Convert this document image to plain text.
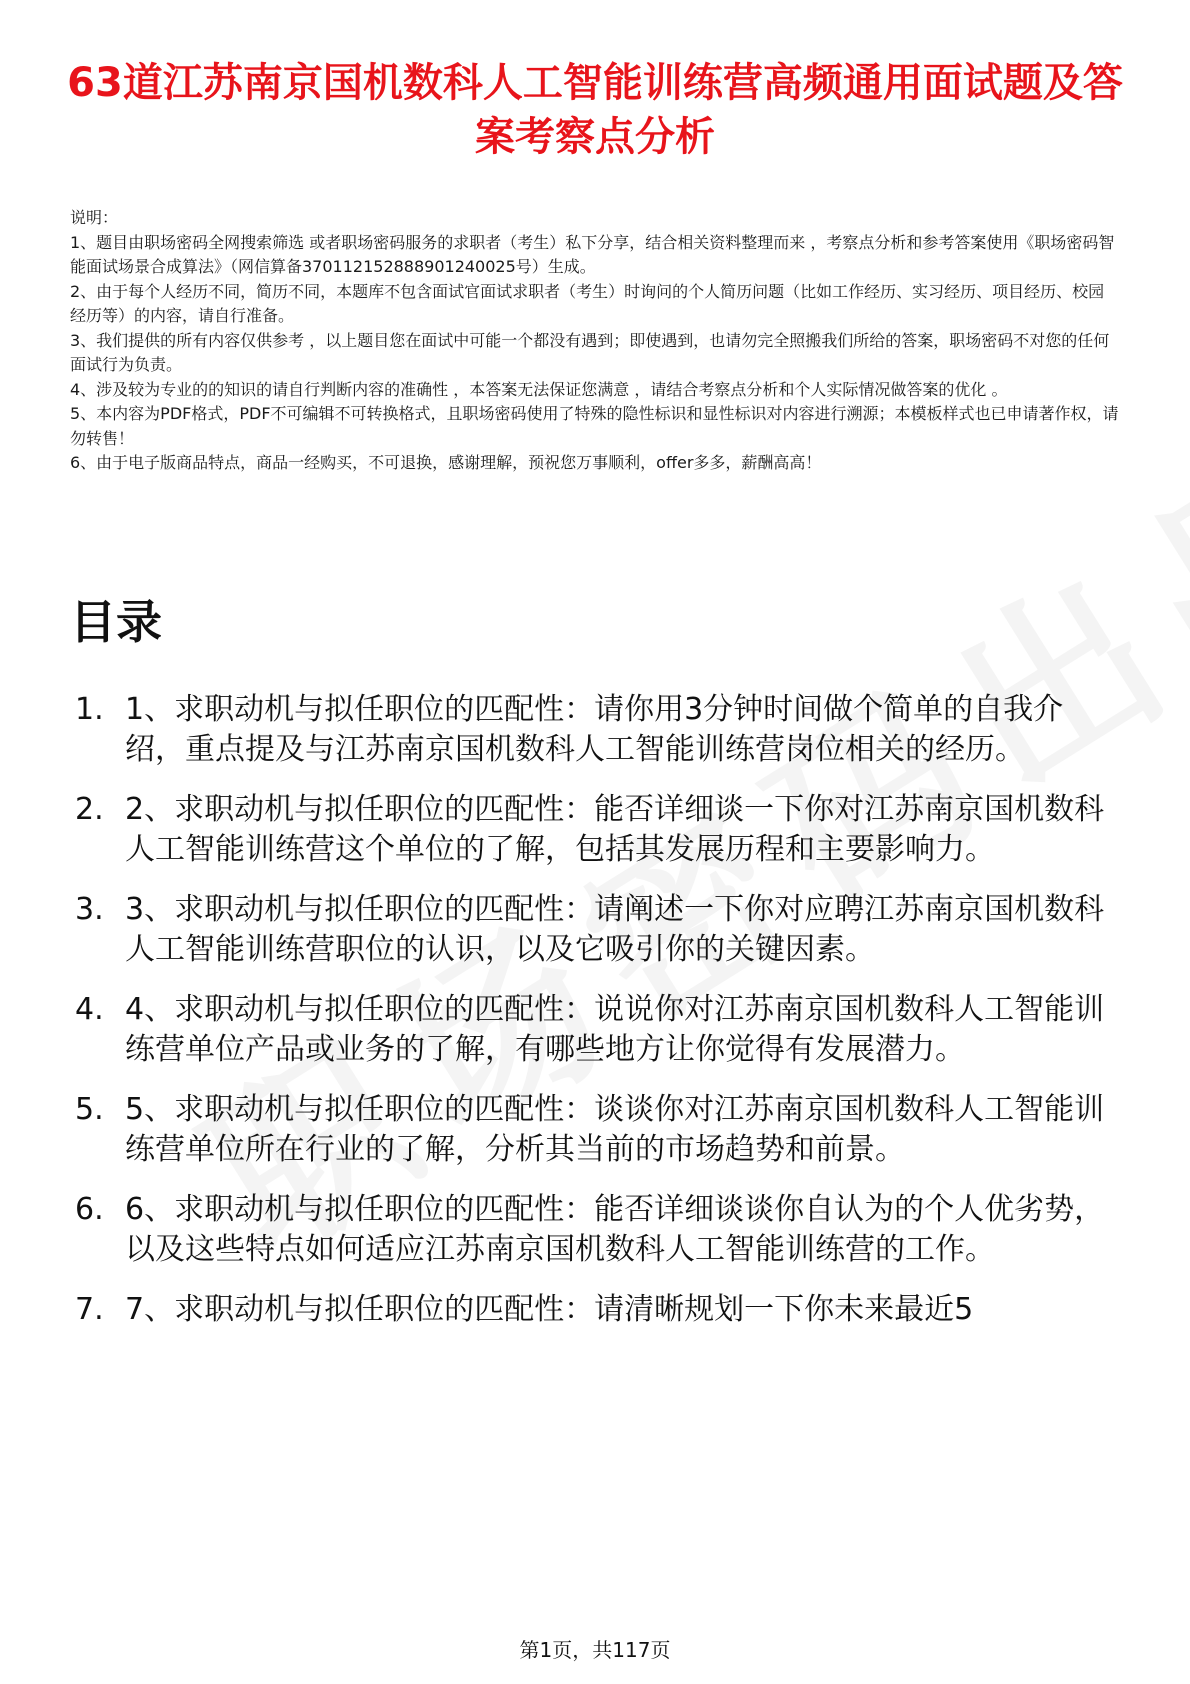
63道江苏南京国机数科人工智能训练营高频通用面试题及答案考察点分析

说明：

1、题目由职场密码全网搜索筛选 或者职场密码服务的求职者（考生）私下分享，结合相关资料整理而来 ，考察点分析和参考答案使用《职场密码智能面试场景合成算法》（网信算备370112152888901240025号）生成。

2、由于每个人经历不同，简历不同，本题库不包含面试官面试求职者（考生）时询问的个人简历问题（比如工作经历、实习经历、项目经历、校园经历等）的内容，请自行准备。

3、我们提供的所有内容仅供参考 ，以上题目您在面试中可能一个都没有遇到；即使遇到，也请勿完全照搬我们所给的答案，职场密码不对您的任何面试行为负责。

4、涉及较为专业的的知识的请自行判断内容的准确性 ，本答案无法保证您满意 ，请结合考察点分析和个人实际情况做答案的优化 。

5、本内容为PDF格式，PDF不可编辑不可转换格式，且职场密码使用了特殊的隐性标识和显性标识对内容进行溯源；本模板样式也已申请著作权，请勿转售！

6、由于电子版商品特点，商品一经购买，不可退换，感谢理解，预祝您万事顺利，offer多多，薪酬高高！

目录
1. 1、求职动机与拟任职位的匹配性：请你用3分钟时间做个简单的自我介绍，重点提及与江苏南京国机数科人工智能训练营岗位相关的经历。
2. 2、求职动机与拟任职位的匹配性：能否详细谈一下你对江苏南京国机数科人工智能训练营这个单位的了解，包括其发展历程和主要影响力。
3. 3、求职动机与拟任职位的匹配性：请阐述一下你对应聘江苏南京国机数科人工智能训练营职位的认识，以及它吸引你的关键因素。
4. 4、求职动机与拟任职位的匹配性：说说你对江苏南京国机数科人工智能训练营单位产品或业务的了解，有哪些地方让你觉得有发展潜力。
5. 5、求职动机与拟任职位的匹配性：谈谈你对江苏南京国机数科人工智能训练营单位所在行业的了解，分析其当前的市场趋势和前景。
6. 6、求职动机与拟任职位的匹配性：能否详细谈谈你自认为的个人优劣势，以及这些特点如何适应江苏南京国机数科人工智能训练营的工作。
7. 7、求职动机与拟任职位的匹配性：请清晰规划一下你未来最近5
第1页，共117页
